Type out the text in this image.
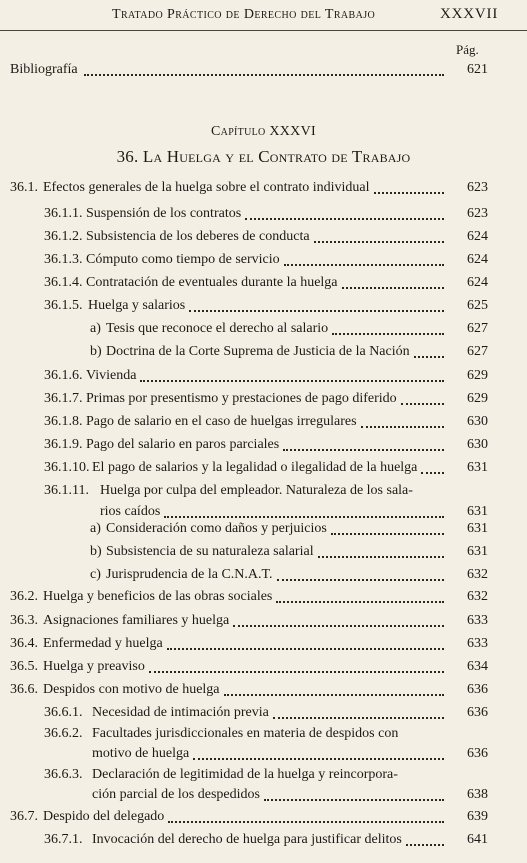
Tratado Práctico de Derecho del Trabajo	XXXVII
Pág.
Bibliografía	621
Capítulo XXXVI
36. La Huelga y el Contrato de Trabajo
36.1. Efectos generales de la huelga sobre el contrato individual	623
36.1.1. Suspensión de los contratos	623
36.1.2. Subsistencia de los deberes de conducta	624
36.1.3. Cómputo como tiempo de servicio	624
36.1.4. Contratación de eventuales durante la huelga	624
36.1.5. Huelga y salarios	625
a) Tesis que reconoce el derecho al salario	627
b) Doctrina de la Corte Suprema de Justicia de la Nación	627
36.1.6. Vivienda	629
36.1.7. Primas por presentismo y prestaciones de pago diferido	629
36.1.8. Pago de salario en el caso de huelgas irregulares	630
36.1.9. Pago del salario en paros parciales	630
36.1.10. El pago de salarios y la legalidad o ilegalidad de la huelga	631
36.1.11. Huelga por culpa del empleador. Naturaleza de los sala-
rios caídos	631
a) Consideración como daños y perjuicios	631
b) Subsistencia de su naturaleza salarial	631
c) Jurisprudencia de la C.N.A.T.	632
36.2. Huelga y beneficios de las obras sociales	632
36.3. Asignaciones familiares y huelga	633
36.4. Enfermedad y huelga	633
36.5. Huelga y preaviso	634
36.6. Despidos con motivo de huelga	636
36.6.1. Necesidad de intimación previa	636
36.6.2. Facultades jurisdiccionales en materia de despidos con
motivo de huelga	636
36.6.3. Declaración de legitimidad de la huelga y reincorpora-
ción parcial de los despedidos	638
36.7. Despido del delegado	639
36.7.1. Invocación del derecho de huelga para justificar delitos	641
